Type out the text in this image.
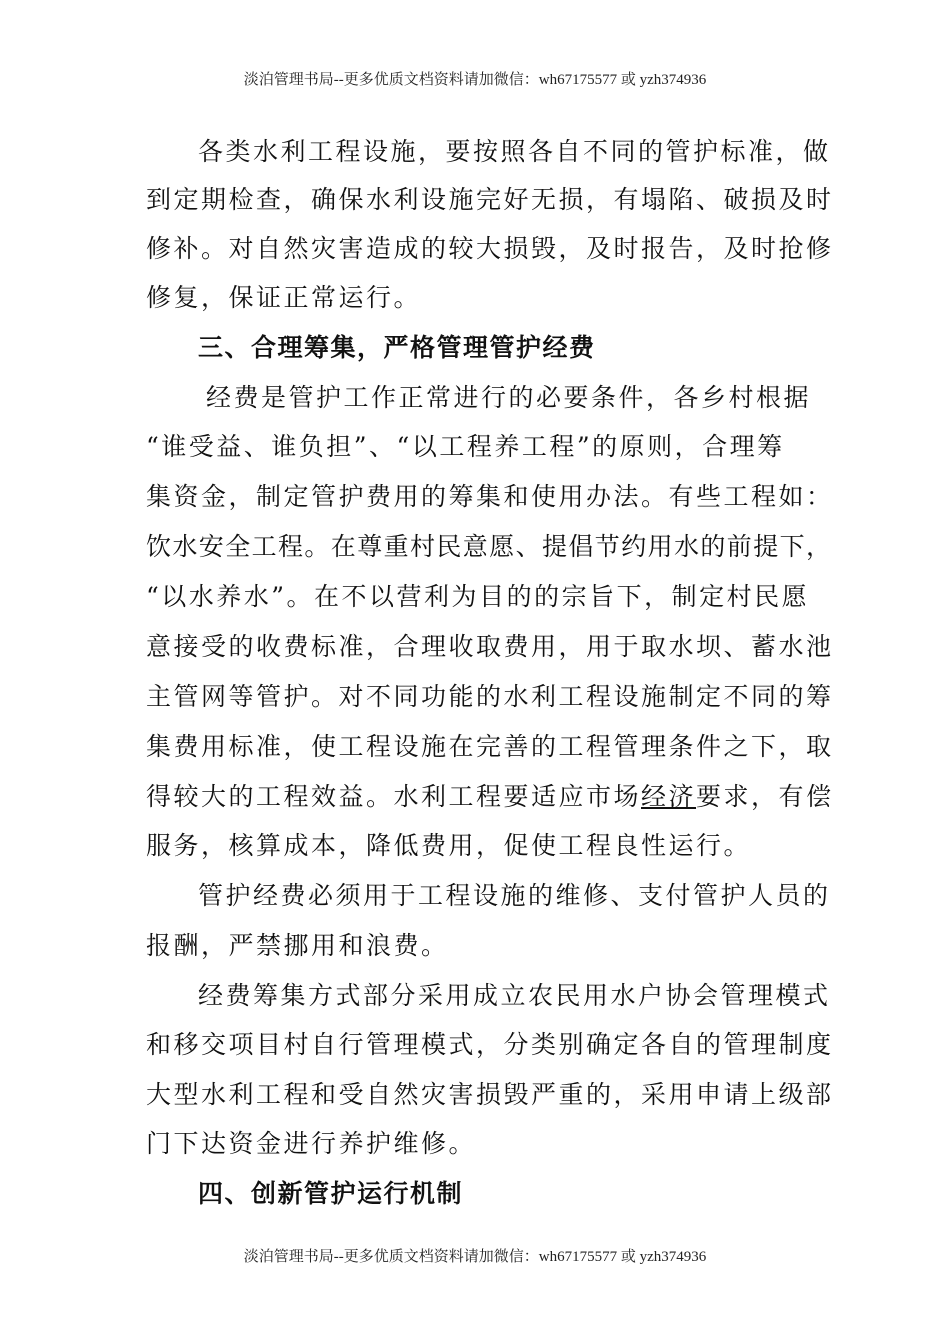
淡泊管理书局--更多优质文档资料请加微信：wh67175577 或 yzh374936
各类水利工程设施，要按照各自不同的管护标准，做
到定期检查，确保水利设施完好无损，有塌陷、破损及时
修补。对自然灾害造成的较大损毁，及时报告，及时抢修
修复，保证正常运行。
三、合理筹集，严格管理管护经费
经费是管护工作正常进行的必要条件，各乡村根据
“谁受益、谁负担”、“以工程养工程”的原则，合理筹
集资金，制定管护费用的筹集和使用办法。有些工程如：
饮水安全工程。在尊重村民意愿、提倡节约用水的前提下，
“以水养水”。在不以营利为目的的宗旨下，制定村民愿
意接受的收费标准，合理收取费用，用于取水坝、蓄水池
主管网等管护。对不同功能的水利工程设施制定不同的筹
集费用标准，使工程设施在完善的工程管理条件之下，取
得较大的工程效益。水利工程要适应市场经济要求，有偿
服务，核算成本，降低费用，促使工程良性运行。
管护经费必须用于工程设施的维修、支付管护人员的
报酬，严禁挪用和浪费。
经费筹集方式部分采用成立农民用水户协会管理模式
和移交项目村自行管理模式，分类别确定各自的管理制度
大型水利工程和受自然灾害损毁严重的，采用申请上级部
门下达资金进行养护维修。
四、创新管护运行机制
淡泊管理书局--更多优质文档资料请加微信：wh67175577 或 yzh374936
